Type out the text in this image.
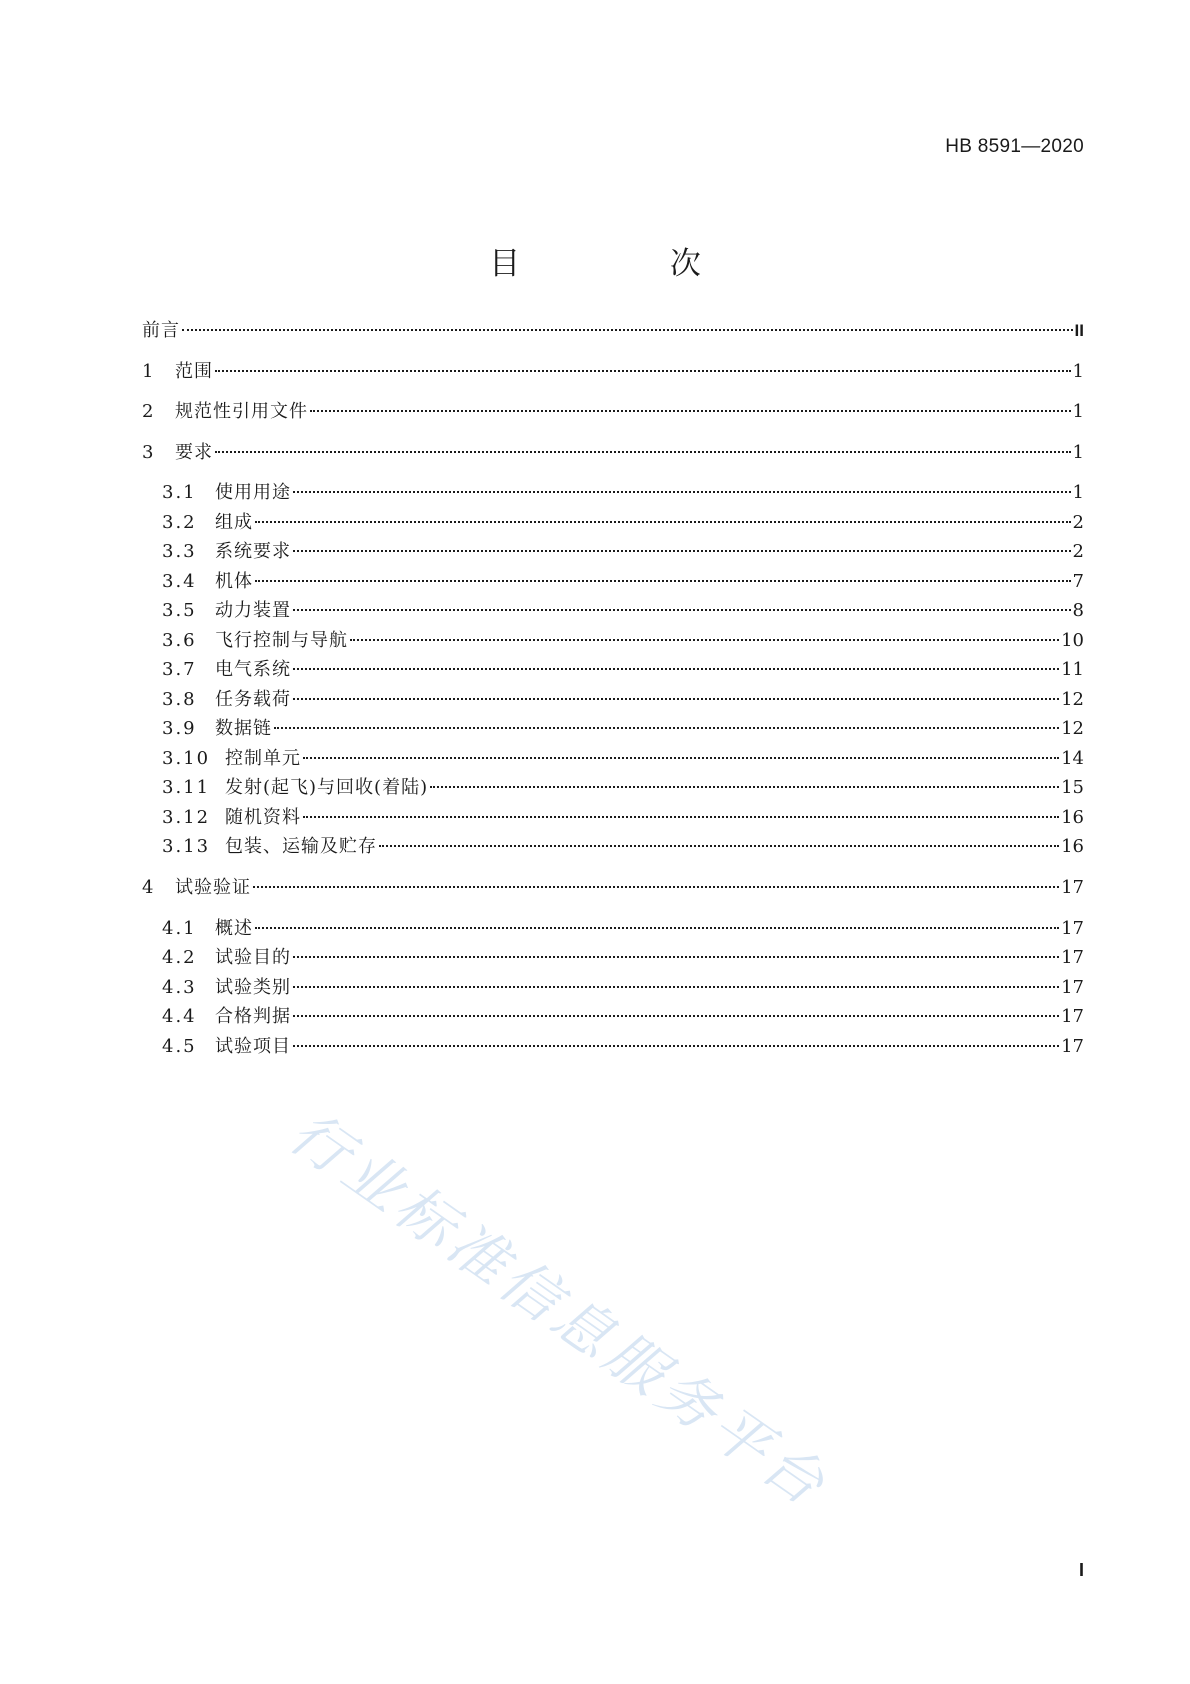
HB 8591—2020
目 次
前言	II
1	范围	1
2	规范性引用文件	1
3	要求	1
3.1	使用用途	1
3.2	组成	2
3.3	系统要求	2
3.4	机体	7
3.5	动力装置	8
3.6	飞行控制与导航	10
3.7	电气系统	11
3.8	任务载荷	12
3.9	数据链	12
3.10 控制单元	14
3.11 发射(起飞)与回收(着陆)	15
3.12 随机资料	16
3.13 包装、运输及贮存	16
4	试验验证	17
4.1	概述	17
4.2	试验目的	17
4.3	试验类别	17
4.4	合格判据	17
4.5	试验项目	17
行业标准信息服务平台
I
